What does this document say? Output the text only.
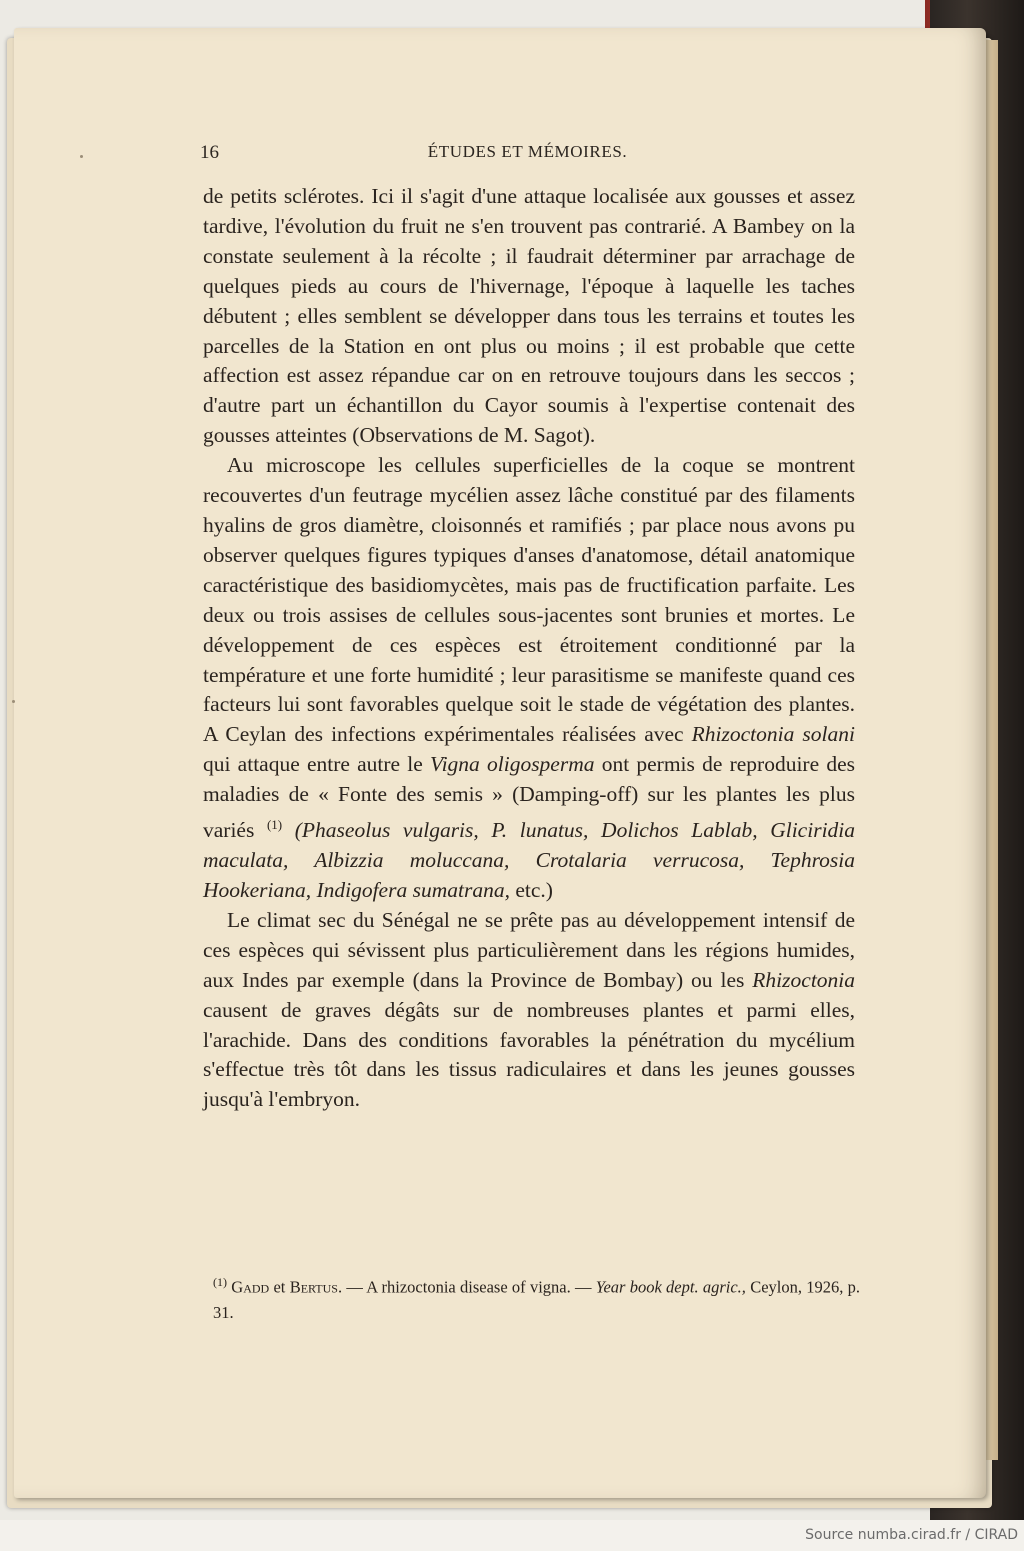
16	ÉTUDES ET MÉMOIRES.

de petits sclérotes. Ici il s'agit d'une attaque localisée aux gousses et assez tardive, l'évolution du fruit ne s'en trouvent pas contrarié. A Bambey on la constate seulement à la récolte ; il faudrait déterminer par arrachage de quelques pieds au cours de l'hivernage, l'époque à laquelle les taches débutent ; elles semblent se développer dans tous les terrains et toutes les parcelles de la Station en ont plus ou moins ; il est probable que cette affection est assez répandue car on en retrouve toujours dans les seccos ; d'autre part un échantillon du Cayor soumis à l'expertise contenait des gousses atteintes (Observations de M. Sagot).

Au microscope les cellules superficielles de la coque se montrent recouvertes d'un feutrage mycélien assez lâche constitué par des filaments hyalins de gros diamètre, cloisonnés et ramifiés ; par place nous avons pu observer quelques figures typiques d'anses d'anatomose, détail anatomique caractéristique des basidiomycètes, mais pas de fructification parfaite. Les deux ou trois assises de cellules sous-jacentes sont brunies et mortes. Le développement de ces espèces est étroitement conditionné par la température et une forte humidité ; leur parasitisme se manifeste quand ces facteurs lui sont favorables quelque soit le stade de végétation des plantes. A Ceylan des infections expérimentales réalisées avec Rhizoctonia solani qui attaque entre autre le Vigna oligosperma ont permis de reproduire des maladies de « Fonte des semis » (Damping-off) sur les plantes les plus variés $^{(1)}$ (Phaseolus vulgaris, P. lunatus, Dolichos Lablab, Gliciridia maculata, Albizzia moluccana, Crotalaria verrucosa, Tephrosia Hookeriana, Indigofera sumatrana, etc.)

Le climat sec du Sénégal ne se prête pas au développement intensif de ces espèces qui sévissent plus particulièrement dans les régions humides, aux Indes par exemple (dans la Province de Bombay) ou les Rhizoctonia causent de graves dégâts sur de nombreuses plantes et parmi elles, l'arachide. Dans des conditions favorables la pénétration du mycélium s'effectue très tôt dans les tissus radiculaires et dans les jeunes gousses jusqu'à l'embryon.

$^{(1)}$ Gadd et Bertus. — A rhizoctonia disease of vigna. — Year book dept. agric., Ceylon, 1926, p. 31.
Source numba.cirad.fr / CIRAD
